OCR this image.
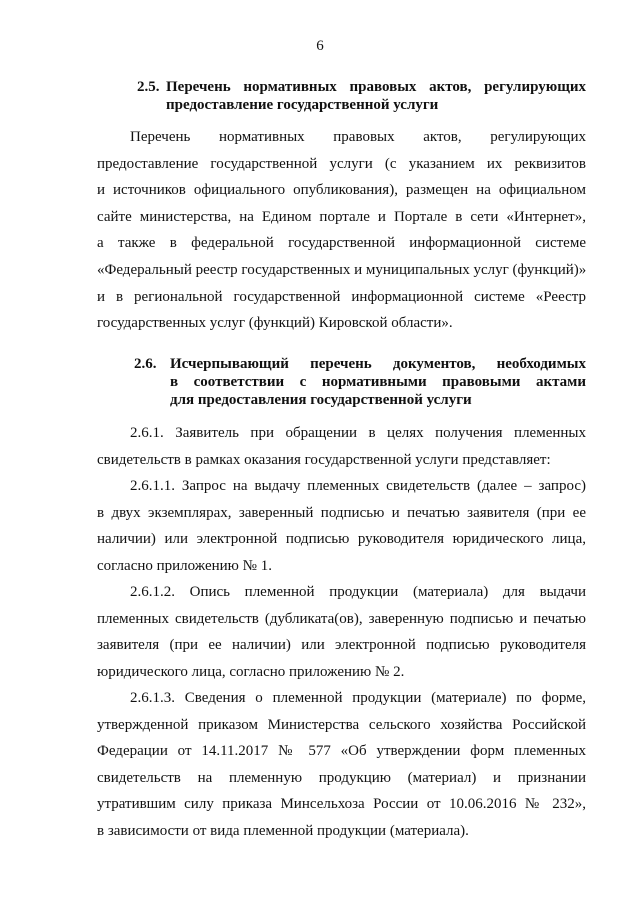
6
2.5. Перечень нормативных правовых актов, регулирующих
предоставление государственной услуги
Перечень нормативных правовых актов, регулирующих
предоставление государственной услуги (с указанием их реквизитов
и источников официального опубликования), размещен на официальном
сайте министерства, на Едином портале и Портале в сети «Интернет»,
а также в федеральной государственной информационной системе
«Федеральный реестр государственных и муниципальных услуг (функций)»
и в региональной государственной информационной системе «Реестр
государственных услуг (функций) Кировской области».
2.6. Исчерпывающий перечень документов, необходимых
в соответствии с нормативными правовыми актами
для предоставления государственной услуги
2.6.1. Заявитель при обращении в целях получения племенных
свидетельств в рамках оказания государственной услуги представляет:
2.6.1.1. Запрос на выдачу племенных свидетельств (далее – запрос)
в двух экземплярах, заверенный подписью и печатью заявителя (при ее
наличии) или электронной подписью руководителя юридического лица,
согласно приложению № 1.
2.6.1.2. Опись племенной продукции (материала) для выдачи
племенных свидетельств (дубликата(ов), заверенную подписью и печатью
заявителя (при ее наличии) или электронной подписью руководителя
юридического лица, согласно приложению № 2.
2.6.1.3. Сведения о племенной продукции (материале) по форме,
утвержденной приказом Министерства сельского хозяйства Российской
Федерации от 14.11.2017 № 577 «Об утверждении форм племенных
свидетельств на племенную продукцию (материал) и признании
утратившим силу приказа Минсельхоза России от 10.06.2016 № 232»,
в зависимости от вида племенной продукции (материала).
